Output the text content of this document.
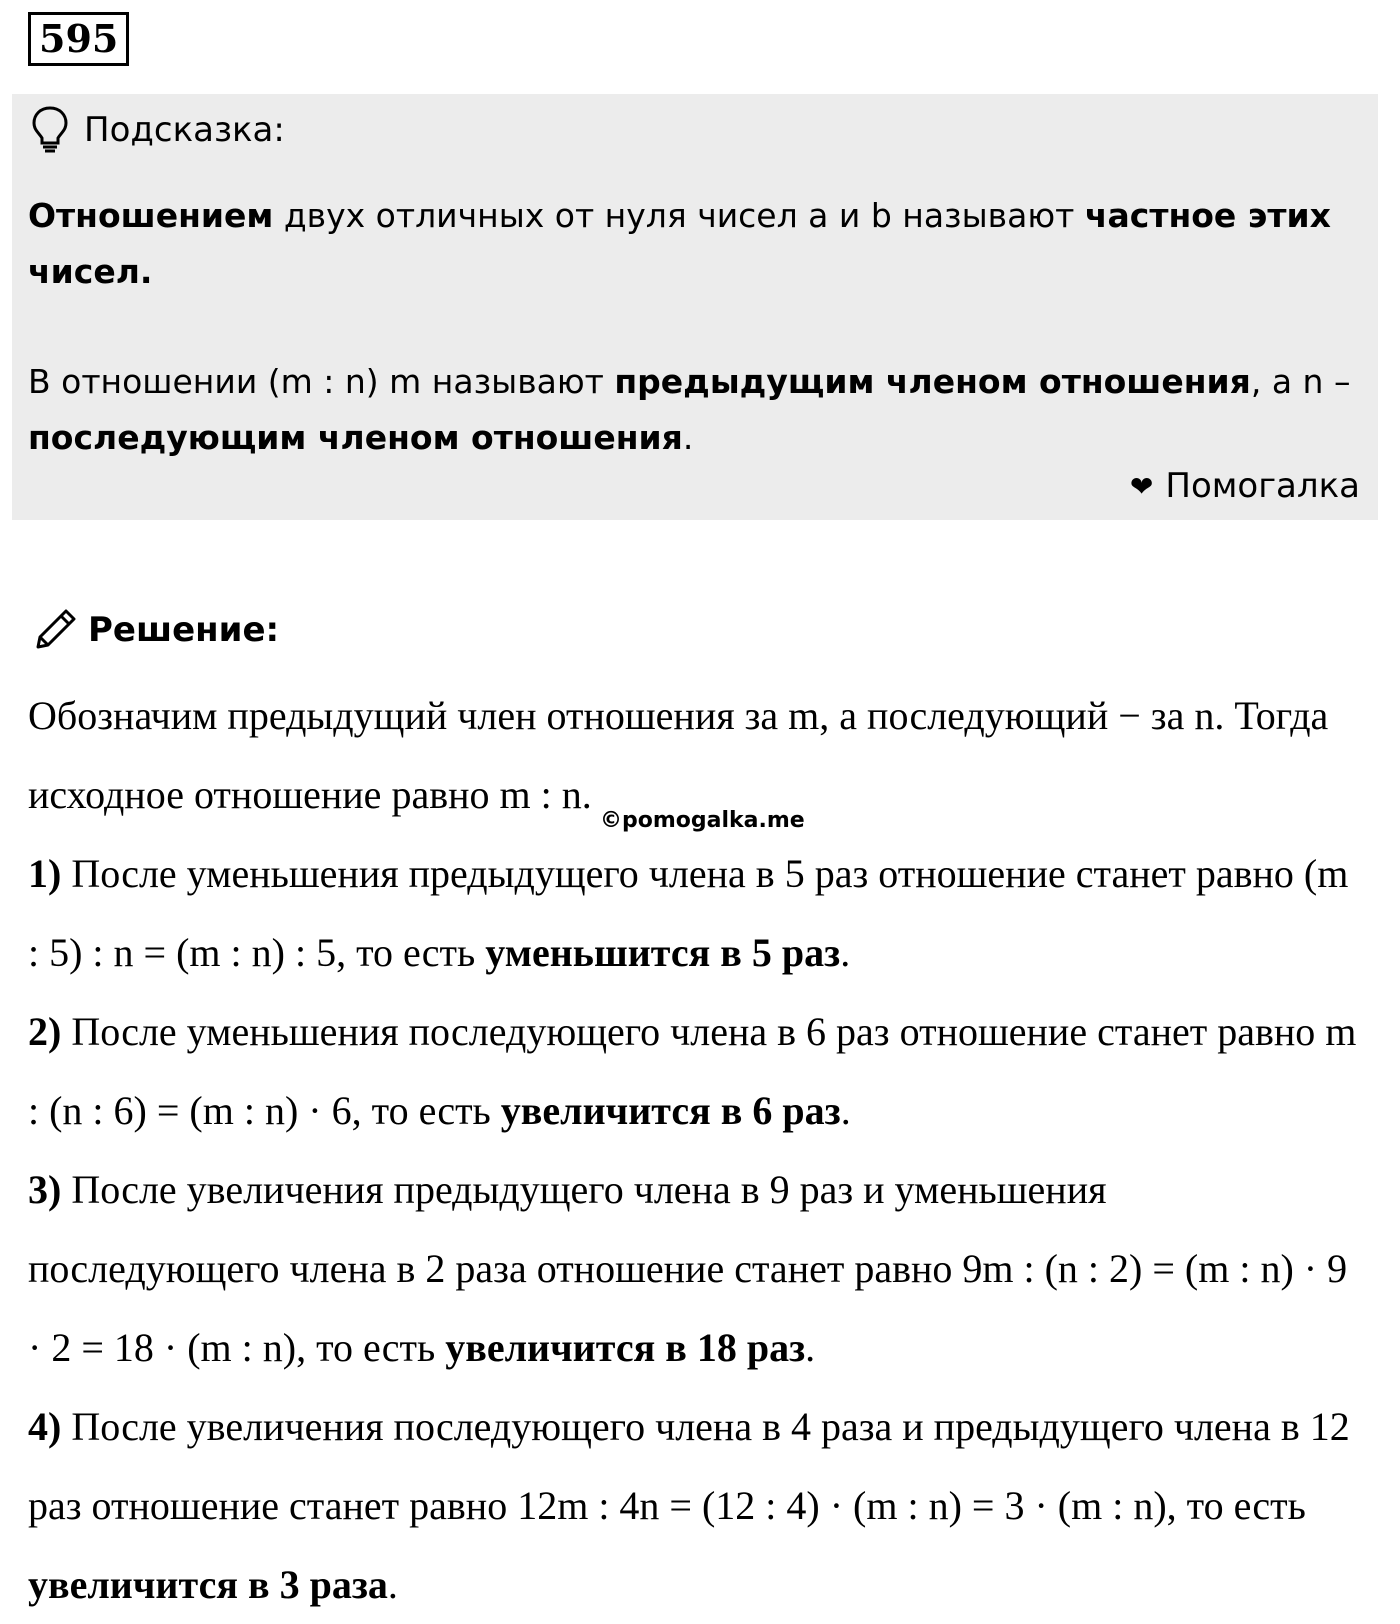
595
Подсказка:
Отношением двух отличных от нуля чисел a и b называют частное этих чисел.
В отношении (m : n) m называют предыдущим членом отношения, а n – последующим членом отношения.
❤ Помогалка
Решение:

Обозначим предыдущий член отношения за m, а последующий − за n. Тогда исходное отношение равно m : n.

1) После уменьшения предыдущего члена в 5 раз отношение станет равно (m : 5) : n = (m : n) : 5, то есть уменьшится в 5 раз.

2) После уменьшения последующего члена в 6 раз отношение станет равно m : (n : 6) = (m : n) · 6, то есть увеличится в 6 раз.

3) После увеличения предыдущего члена в 9 раз и уменьшения последующего члена в 2 раза отношение станет равно 9m : (n : 2) = (m : n) · 9 · 2 = 18 · (m : n), то есть увеличится в 18 раз.

4) После увеличения последующего члена в 4 раза и предыдущего члена в 12 раз отношение станет равно 12m : 4n = (12 : 4) · (m : n) = 3 · (m : n), то есть увеличится в 3 раза.

©pomogalka.me
